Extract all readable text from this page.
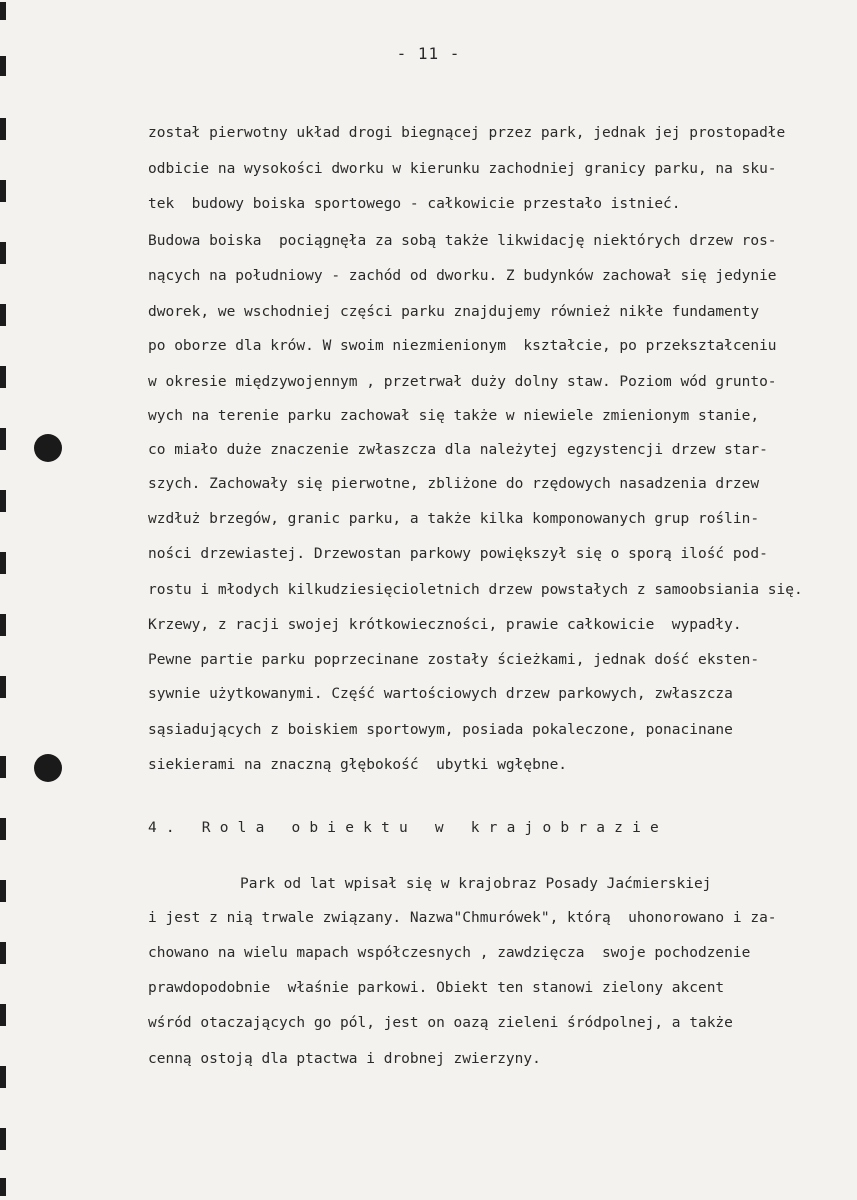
- 11 -
został pierwotny układ drogi biegnącej przez park, jednak jej prostopadłe
odbicie na wysokości dworku w kierunku zachodniej granicy parku, na sku-
tek  budowy boiska sportowego - całkowicie przestało istnieć.
Budowa boiska  pociągnęła za sobą także likwidację niektórych drzew ros-
nących na południowy - zachód od dworku. Z budynków zachował się jedynie
dworek, we wschodniej części parku znajdujemy również nikłe fundamenty
po oborze dla krów. W swoim niezmienionym  kształcie, po przekształceniu
w okresie międzywojennym , przetrwał duży dolny staw. Poziom wód grunto-
wych na terenie parku zachował się także w niewiele zmienionym stanie,
co miało duże znaczenie zwłaszcza dla należytej egzystencji drzew star-
szych. Zachowały się pierwotne, zbliżone do rzędowych nasadzenia drzew
wzdłuż brzegów, granic parku, a także kilka komponowanych grup roślin-
ności drzewiastej. Drzewostan parkowy powiększył się o sporą ilość pod-
rostu i młodych kilkudziesięcioletnich drzew powstałych z samoobsiania się.
Krzewy, z racji swojej krótkowieczności, prawie całkowicie  wypadły.
Pewne partie parku poprzecinane zostały ścieżkami, jednak dość eksten-
sywnie użytkowanymi. Część wartościowych drzew parkowych, zwłaszcza
sąsiadujących z boiskiem sportowym, posiada pokaleczone, ponacinane
siekierami na znaczną głębokość  ubytki wgłębne.
4. Rola obiektu w krajobrazie
Park od lat wpisał się w krajobraz Posady Jaćmierskiej
i jest z nią trwale związany. Nazwa"Chmurówek", którą  uhonorowano i za-
chowano na wielu mapach współczesnych , zawdzięcza  swoje pochodzenie
prawdopodobnie  właśnie parkowi. Obiekt ten stanowi zielony akcent
wśród otaczających go pól, jest on oazą zieleni śródpolnej, a także
cenną ostoją dla ptactwa i drobnej zwierzyny.
